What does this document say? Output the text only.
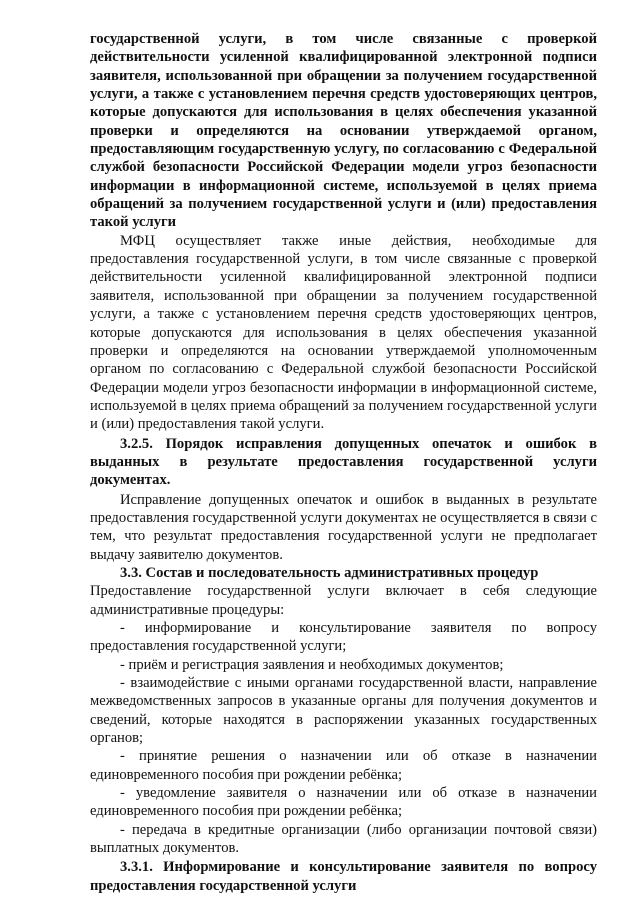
государственной услуги, в том числе связанные с проверкой действительности усиленной квалифицированной электронной подписи заявителя, использованной при обращении за получением государственной услуги, а также с установлением перечня средств удостоверяющих центров, которые допускаются для использования в целях обеспечения указанной проверки и определяются на основании утверждаемой органом, предоставляющим государственную услугу, по согласованию с Федеральной службой безопасности Российской Федерации модели угроз безопасности информации в информационной системе, используемой в целях приема обращений за получением государственной услуги и (или) предоставления такой услуги

МФЦ осуществляет также иные действия, необходимые для предоставления государственной услуги, в том числе связанные с проверкой действительности усиленной квалифицированной электронной подписи заявителя, использованной при обращении за получением государственной услуги, а также с установлением перечня средств удостоверяющих центров, которые допускаются для использования в целях обеспечения указанной проверки и определяются на основании утверждаемой уполномоченным органом по согласованию с Федеральной службой безопасности Российской Федерации модели угроз безопасности информации в информационной системе, используемой в целях приема обращений за получением государственной услуги и (или) предоставления такой услуги.

3.2.5. Порядок исправления допущенных опечаток и ошибок в выданных в результате предоставления государственной услуги документах.

Исправление допущенных опечаток и ошибок в выданных в результате предоставления государственной услуги документах не осуществляется в связи с тем, что результат предоставления государственной услуги не предполагает выдачу заявителю документов.

3.3. Состав и последовательность административных процедур

Предоставление государственной услуги включает в себя следующие административные процедуры:

- информирование и консультирование заявителя по вопросу предоставления государственной услуги;

- приём и регистрация заявления и необходимых документов;

- взаимодействие с иными органами государственной власти, направление межведомственных запросов в указанные органы для получения документов и сведений, которые находятся в распоряжении указанных государственных органов;

- принятие решения о назначении или об отказе в назначении единовременного пособия при рождении ребёнка;

- уведомление заявителя о назначении или об отказе в назначении единовременного пособия при рождении ребёнка;

- передача в кредитные организации (либо организации почтовой связи) выплатных документов.

3.3.1. Информирование и консультирование заявителя по вопросу предоставления государственной услуги
